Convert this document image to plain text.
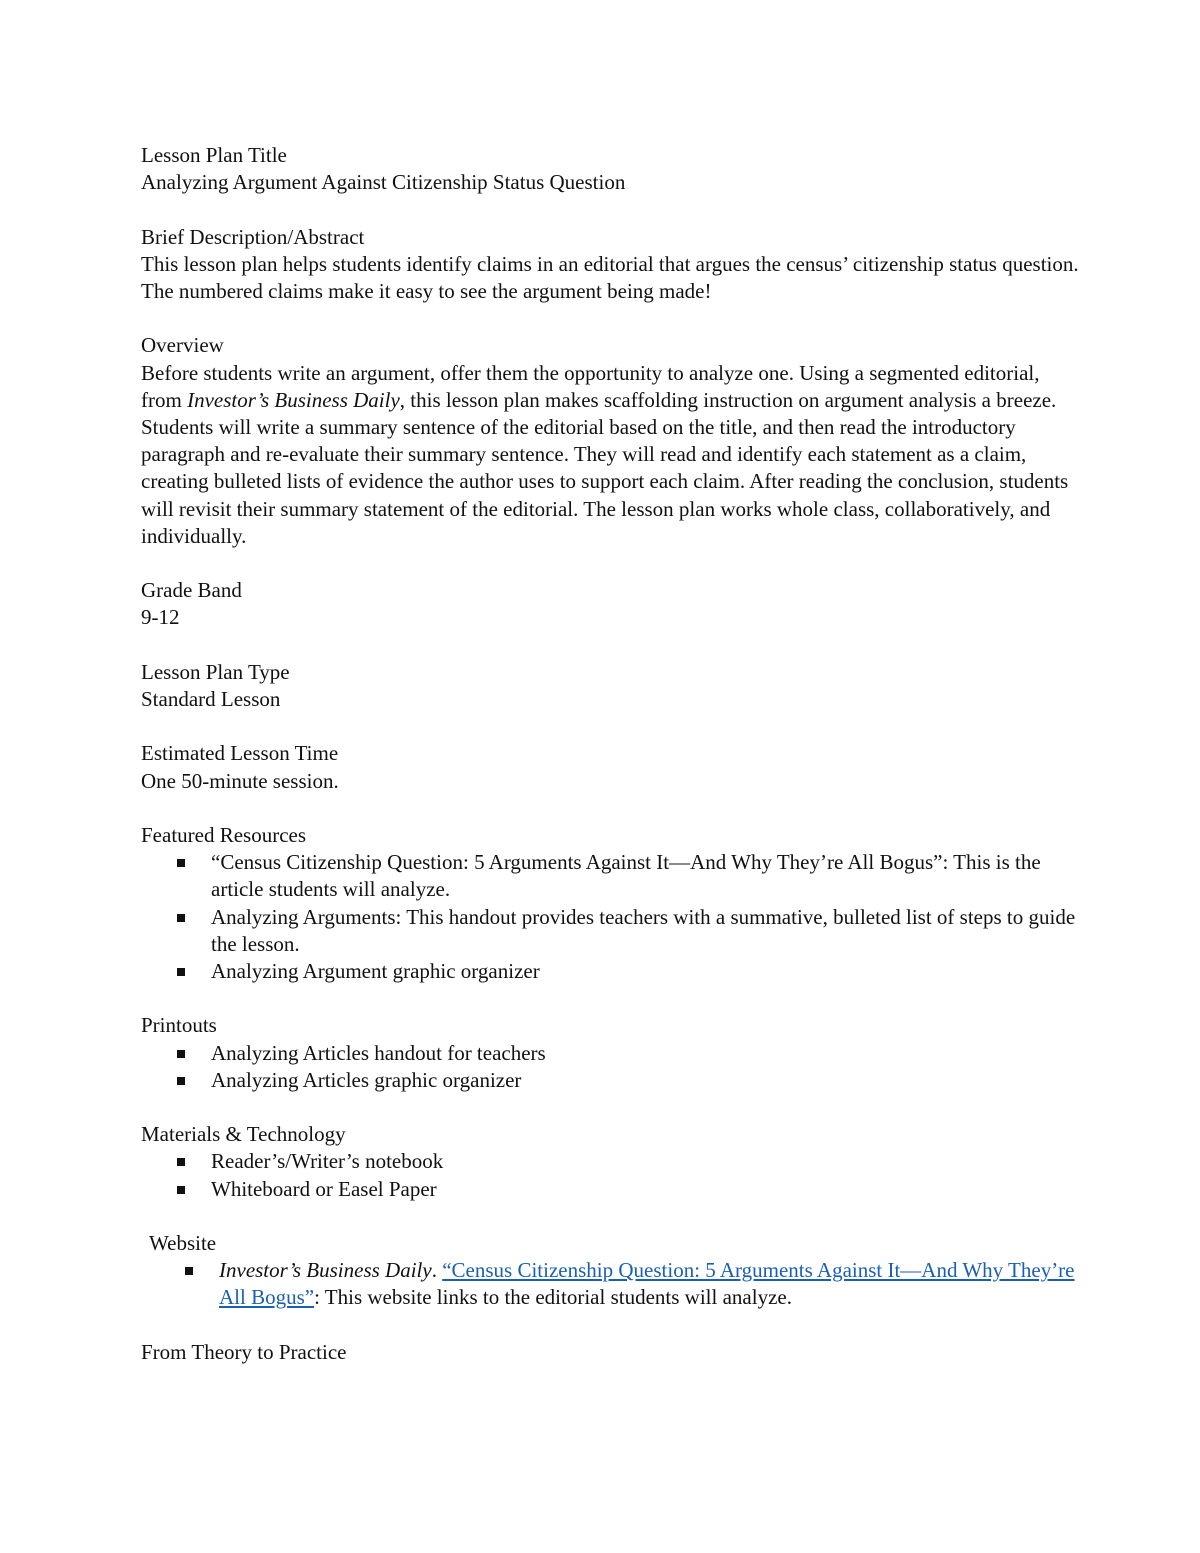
Lesson Plan Title

Analyzing Argument Against Citizenship Status Question

Brief Description/Abstract

This lesson plan helps students identify claims in an editorial that argues the census’ citizenship status question. The numbered claims make it easy to see the argument being made!

Overview

Before students write an argument, offer them the opportunity to analyze one. Using a segmented editorial, from Investor’s Business Daily, this lesson plan makes scaffolding instruction on argument analysis a breeze. Students will write a summary sentence of the editorial based on the title, and then read the introductory paragraph and re-evaluate their summary sentence. They will read and identify each statement as a claim, creating bulleted lists of evidence the author uses to support each claim. After reading the conclusion, students will revisit their summary statement of the editorial. The lesson plan works whole class, collaboratively, and individually.

Grade Band

9-12

Lesson Plan Type

Standard Lesson

Estimated Lesson Time

One 50-minute session.

Featured Resources

“Census Citizenship Question: 5 Arguments Against It—And Why They’re All Bogus”: This is the article students will analyze.
Analyzing Arguments: This handout provides teachers with a summative, bulleted list of steps to guide the lesson.
Analyzing Argument graphic organizer

Printouts

Analyzing Articles handout for teachers
Analyzing Articles graphic organizer

Materials & Technology

Reader’s/Writer’s notebook
Whiteboard or Easel Paper

Website

Investor’s Business Daily. “Census Citizenship Question: 5 Arguments Against It—And Why They’re All Bogus”: This website links to the editorial students will analyze.

From Theory to Practice
